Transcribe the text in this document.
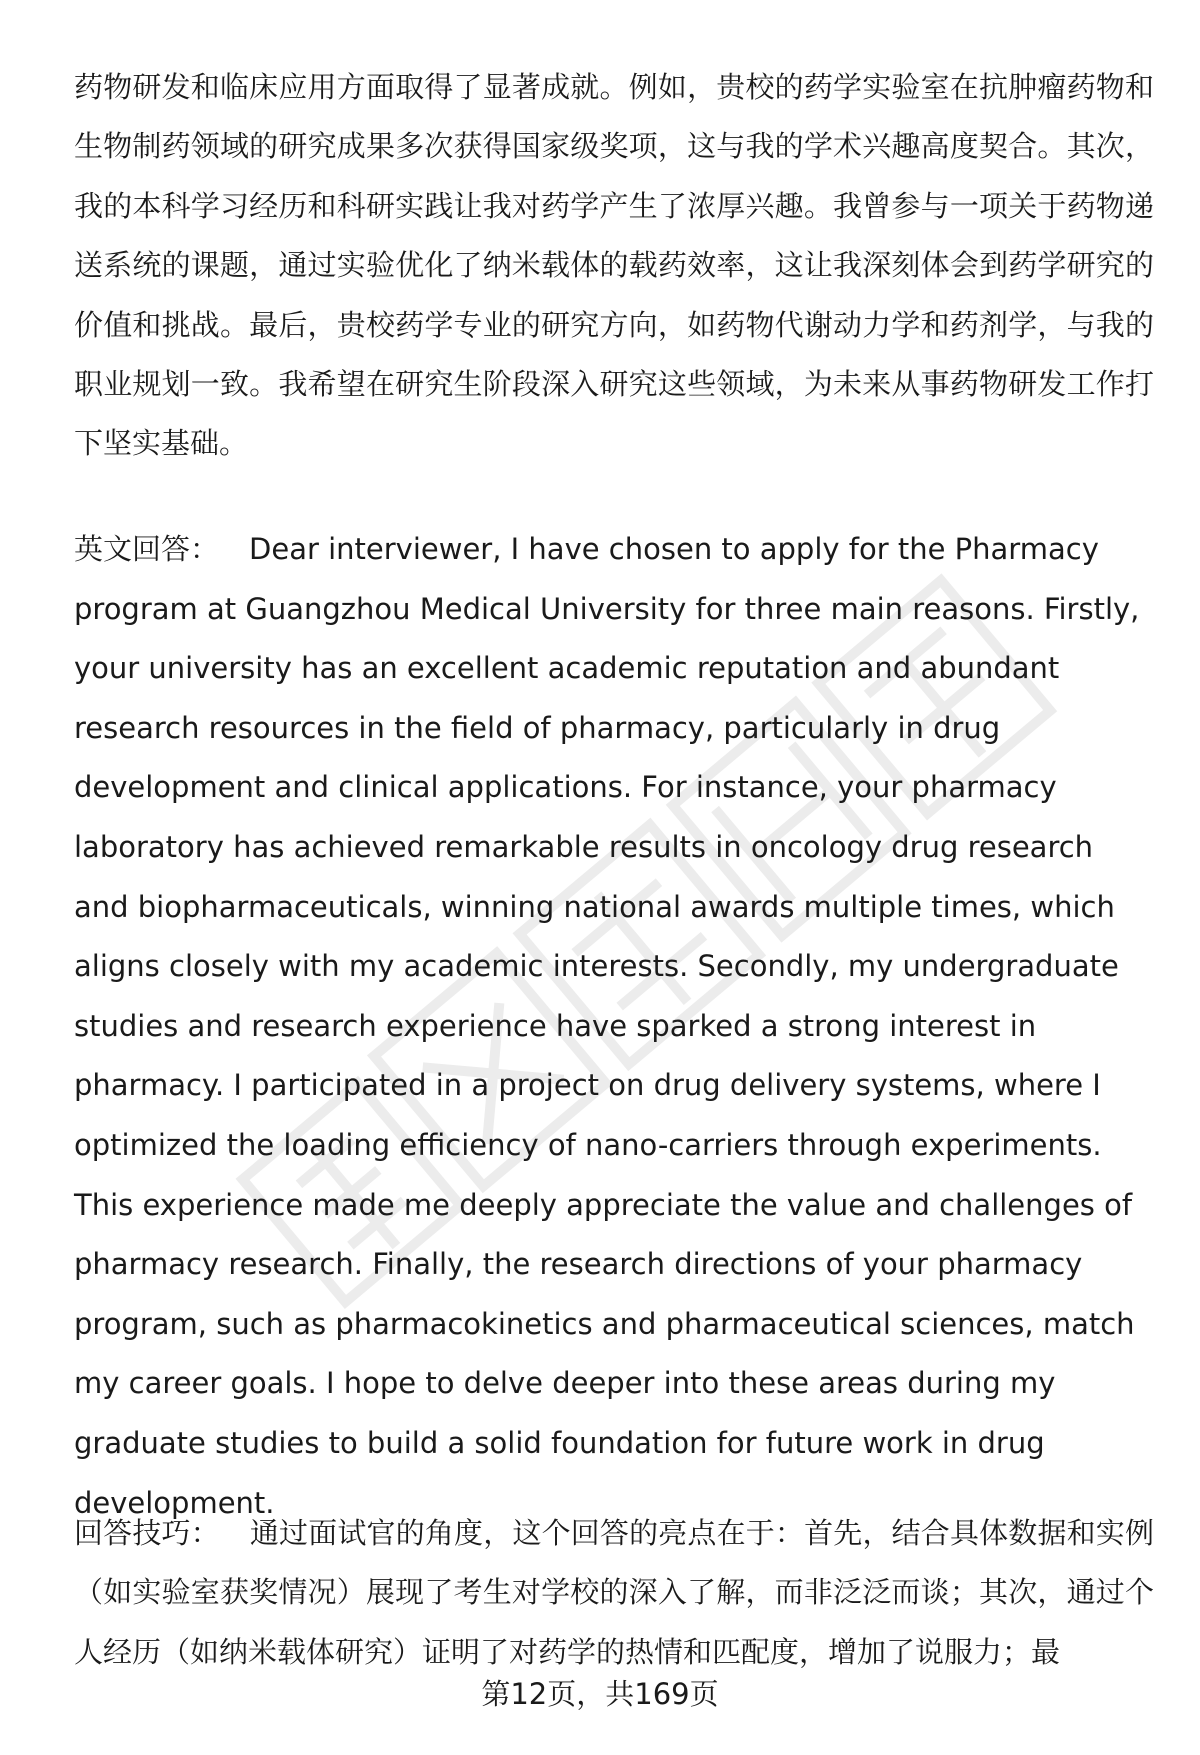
药物研发和临床应用方面取得了显著成就。例如，贵校的药学实验室在抗肿瘤药物和生物制药领域的研究成果多次获得国家级奖项，这与我的学术兴趣高度契合。其次，我的本科学习经历和科研实践让我对药学产生了浓厚兴趣。我曾参与一项关于药物递送系统的课题，通过实验优化了纳米载体的载药效率，这让我深刻体会到药学研究的价值和挑战。最后，贵校药学专业的研究方向，如药物代谢动力学和药剂学，与我的职业规划一致。我希望在研究生阶段深入研究这些领域，为未来从事药物研发工作打下坚实基础。

英文回答： Dear interviewer, I have chosen to apply for the Pharmacy program at Guangzhou Medical University for three main reasons. Firstly, your university has an excellent academic reputation and abundant research resources in the field of pharmacy, particularly in drug development and clinical applications. For instance, your pharmacy laboratory has achieved remarkable results in oncology drug research and biopharmaceuticals, winning national awards multiple times, which aligns closely with my academic interests. Secondly, my undergraduate studies and research experience have sparked a strong interest in pharmacy. I participated in a project on drug delivery systems, where I optimized the loading efficiency of nano-carriers through experiments. This experience made me deeply appreciate the value and challenges of pharmacy research. Finally, the research directions of your pharmacy program, such as pharmacokinetics and pharmaceutical sciences, match my career goals. I hope to delve deeper into these areas during my graduate studies to build a solid foundation for future work in drug development.

回答技巧： 通过面试官的角度，这个回答的亮点在于：首先，结合具体数据和实例（如实验室获奖情况）展现了考生对学校的深入了解，而非泛泛而谈；其次，通过个人经历（如纳米载体研究）证明了对药学的热情和匹配度，增加了说服力；最

第12页，共169页
